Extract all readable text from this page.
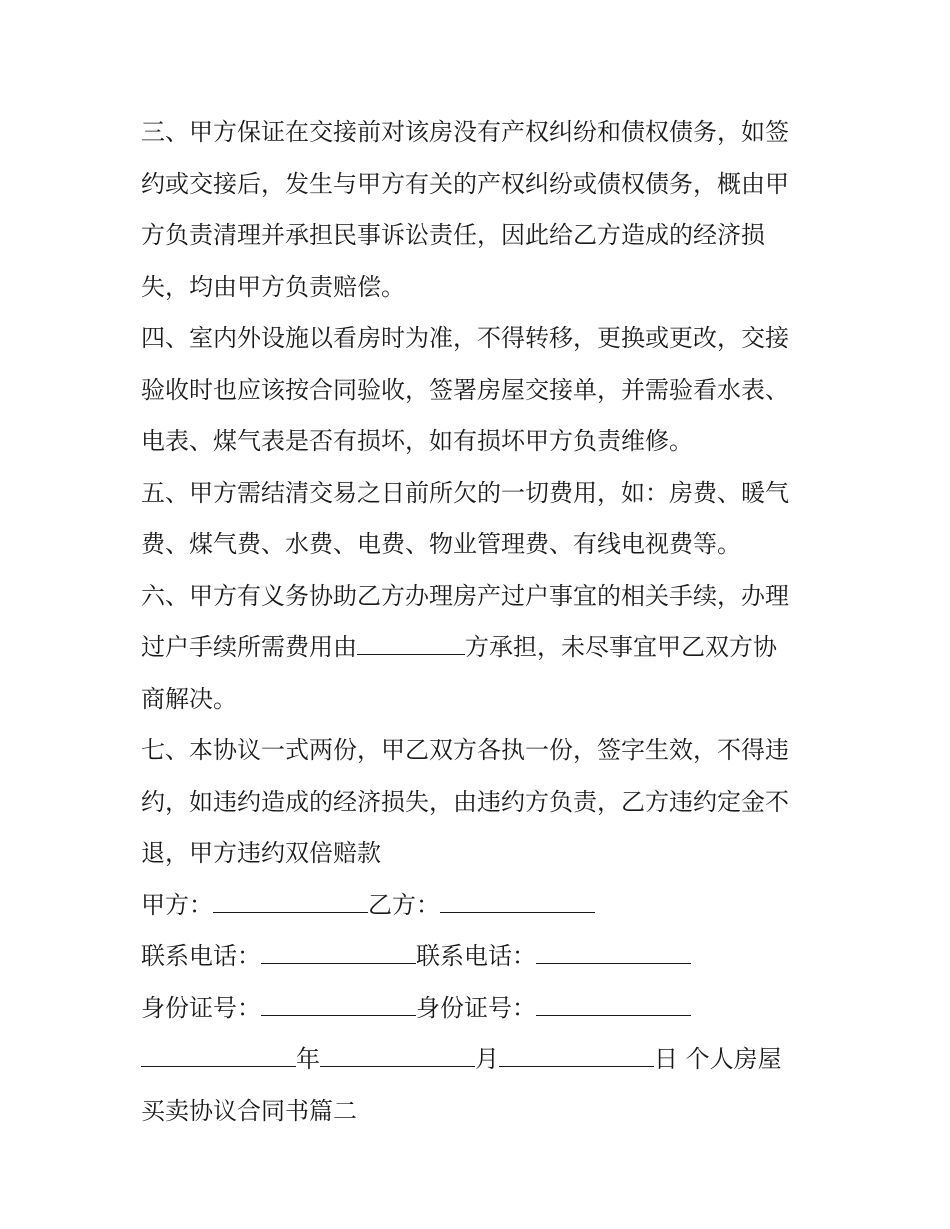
三、甲方保证在交接前对该房没有产权纠纷和债权债务，如签
约或交接后，发生与甲方有关的产权纠纷或债权债务，概由甲
方负责清理并承担民事诉讼责任，因此给乙方造成的经济损
失，均由甲方负责赔偿。
四、室内外设施以看房时为准，不得转移，更换或更改，交接
验收时也应该按合同验收，签署房屋交接单，并需验看水表、
电表、煤气表是否有损坏，如有损坏甲方负责维修。
五、甲方需结清交易之日前所欠的一切费用，如：房费、暖气
费、煤气费、水费、电费、物业管理费、有线电视费等。
六、甲方有义务协助乙方办理房产过户事宜的相关手续，办理
过户手续所需费用由	方承担，未尽事宜甲乙双方协
商解决。
七、本协议一式两份，甲乙双方各执一份，签字生效，不得违
约，如违约造成的经济损失，由违约方负责，乙方违约定金不
退，甲方违约双倍赔款
甲方：	乙方：
联系电话：	联系电话：
身份证号：	身份证号：
年	月	日 个人房屋
买卖协议合同书篇二
